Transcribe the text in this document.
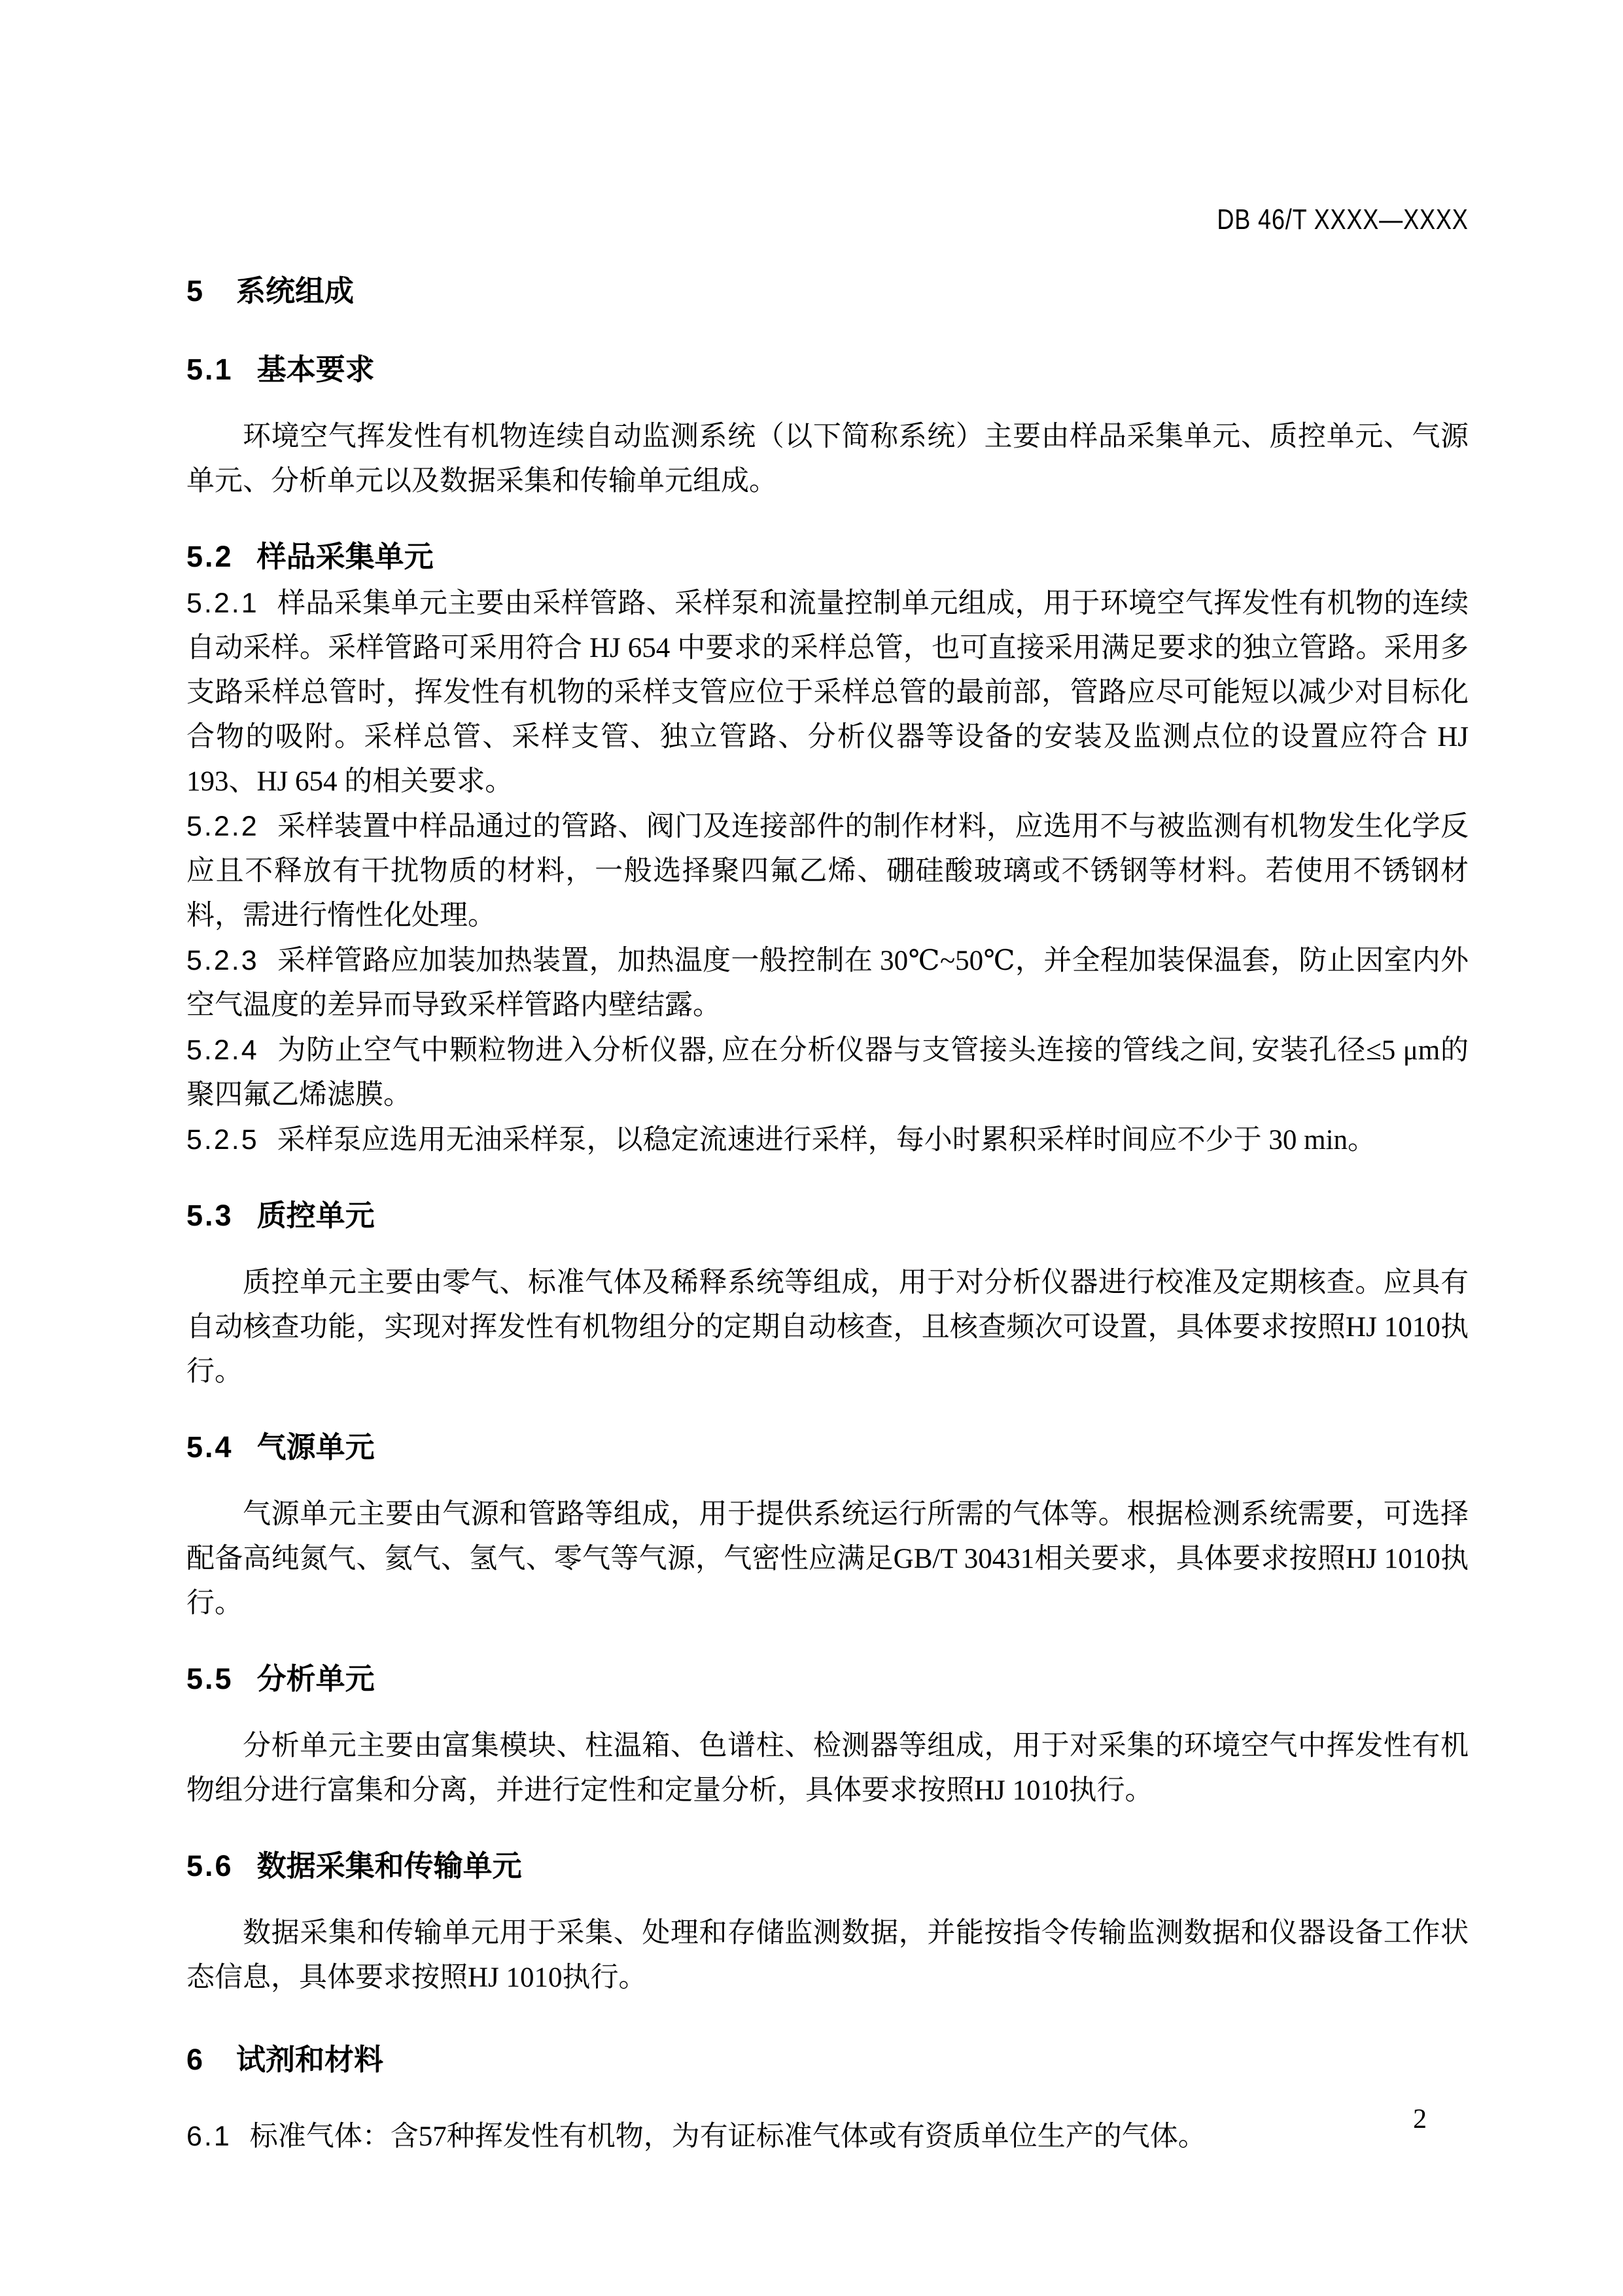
DB 46/T XXXX—XXXX
5 系统组成
5.1 基本要求

环境空气挥发性有机物连续自动监测系统（以下简称系统）主要由样品采集单元、质控单元、气源单元、分析单元以及数据采集和传输单元组成。

5.2 样品采集单元

5.2.1 样品采集单元主要由采样管路、采样泵和流量控制单元组成，用于环境空气挥发性有机物的连续自动采样。采样管路可采用符合 HJ 654 中要求的采样总管，也可直接采用满足要求的独立管路。采用多支路采样总管时，挥发性有机物的采样支管应位于采样总管的最前部，管路应尽可能短以减少对目标化合物的吸附。采样总管、采样支管、独立管路、分析仪器等设备的安装及监测点位的设置应符合 HJ 193、HJ 654 的相关要求。

5.2.2 采样装置中样品通过的管路、阀门及连接部件的制作材料，应选用不与被监测有机物发生化学反应且不释放有干扰物质的材料，一般选择聚四氟乙烯、硼硅酸玻璃或不锈钢等材料。若使用不锈钢材料，需进行惰性化处理。

5.2.3 采样管路应加装加热装置，加热温度一般控制在 30℃~50℃，并全程加装保温套，防止因室内外空气温度的差异而导致采样管路内壁结露。

5.2.4 为防止空气中颗粒物进入分析仪器, 应在分析仪器与支管接头连接的管线之间, 安装孔径≤5 μm的聚四氟乙烯滤膜。

5.2.5 采样泵应选用无油采样泵，以稳定流速进行采样，每小时累积采样时间应不少于 30 min。

5.3 质控单元

质控单元主要由零气、标准气体及稀释系统等组成，用于对分析仪器进行校准及定期核查。应具有自动核查功能，实现对挥发性有机物组分的定期自动核查，且核查频次可设置，具体要求按照HJ 1010执行。

5.4 气源单元

气源单元主要由气源和管路等组成，用于提供系统运行所需的气体等。根据检测系统需要，可选择配备高纯氮气、氦气、氢气、零气等气源，气密性应满足GB/T 30431相关要求，具体要求按照HJ 1010执行。

5.5 分析单元

分析单元主要由富集模块、柱温箱、色谱柱、检测器等组成，用于对采集的环境空气中挥发性有机物组分进行富集和分离，并进行定性和定量分析，具体要求按照HJ 1010执行。

5.6 数据采集和传输单元

数据采集和传输单元用于采集、处理和存储监测数据，并能按指令传输监测数据和仪器设备工作状态信息，具体要求按照HJ 1010执行。

6 试剂和材料

6.1 标准气体：含57种挥发性有机物，为有证标准气体或有资质单位生产的气体。

2
